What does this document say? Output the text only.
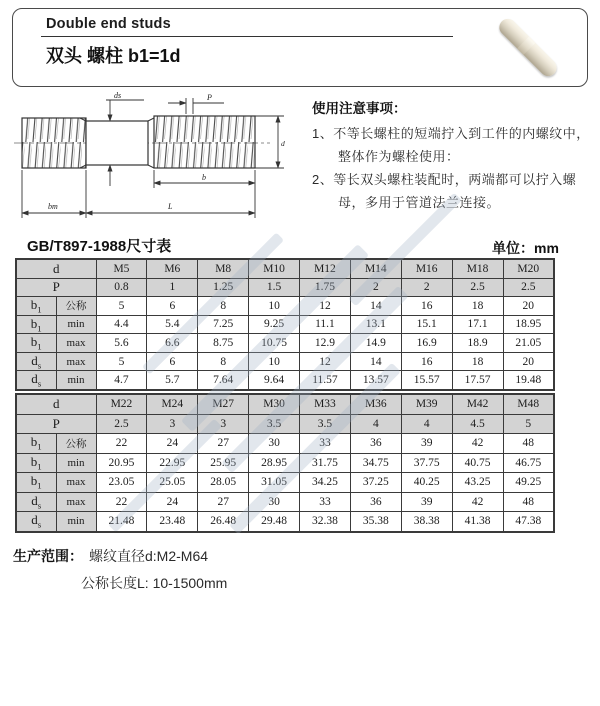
Double end studs
双头 螺柱 b1=1d
ds	P
d
b
bm	L
使用注意事项：
1、不等长螺柱的短端拧入到工件的内螺纹中，
整体作为螺栓使用：
2、等长双头螺柱装配时，两端都可以拧入螺
母，多用于管道法兰连接。
GB/T897-1988尺寸表	单位：mm
d		M5	M6	M8	M10	M12	M14	M16	M18	M20
P		0.8	1	1.25	1.5	1.75	2	2	2.5	2.5
$b_1$	公称	5	6	8	10	12	14	16	18	20
$b_1$	min	4.4	5.4	7.25	9.25	11.1	13.1	15.1	17.1	18.95
$b_1$	max	5.6	6.6	8.75	10.75	12.9	14.9	16.9	18.9	21.05
$d_s$	max	5	6	8	10	12	14	16	18	20
$d_s$	min	4.7	5.7	7.64	9.64	11.57	13.57	15.57	17.57	19.48
d		M22	M24	M27	M30	M33	M36	M39	M42	M48
P		2.5	3	3	3.5	3.5	4	4	4.5	5
$b_1$	公称	22	24	27	30	33	36	39	42	48
$b_1$	min	20.95	22.95	25.95	28.95	31.75	34.75	37.75	40.75	46.75
$b_1$	max	23.05	25.05	28.05	31.05	34.25	37.25	40.25	43.25	49.25
$d_s$	max	22	24	27	30	33	36	39	42	48
$d_s$	min	21.48	23.48	26.48	29.48	32.38	35.38	38.38	41.38	47.38
生产范围： 螺纹直径d:M2-M64
公称长度L: 10-1500mm
